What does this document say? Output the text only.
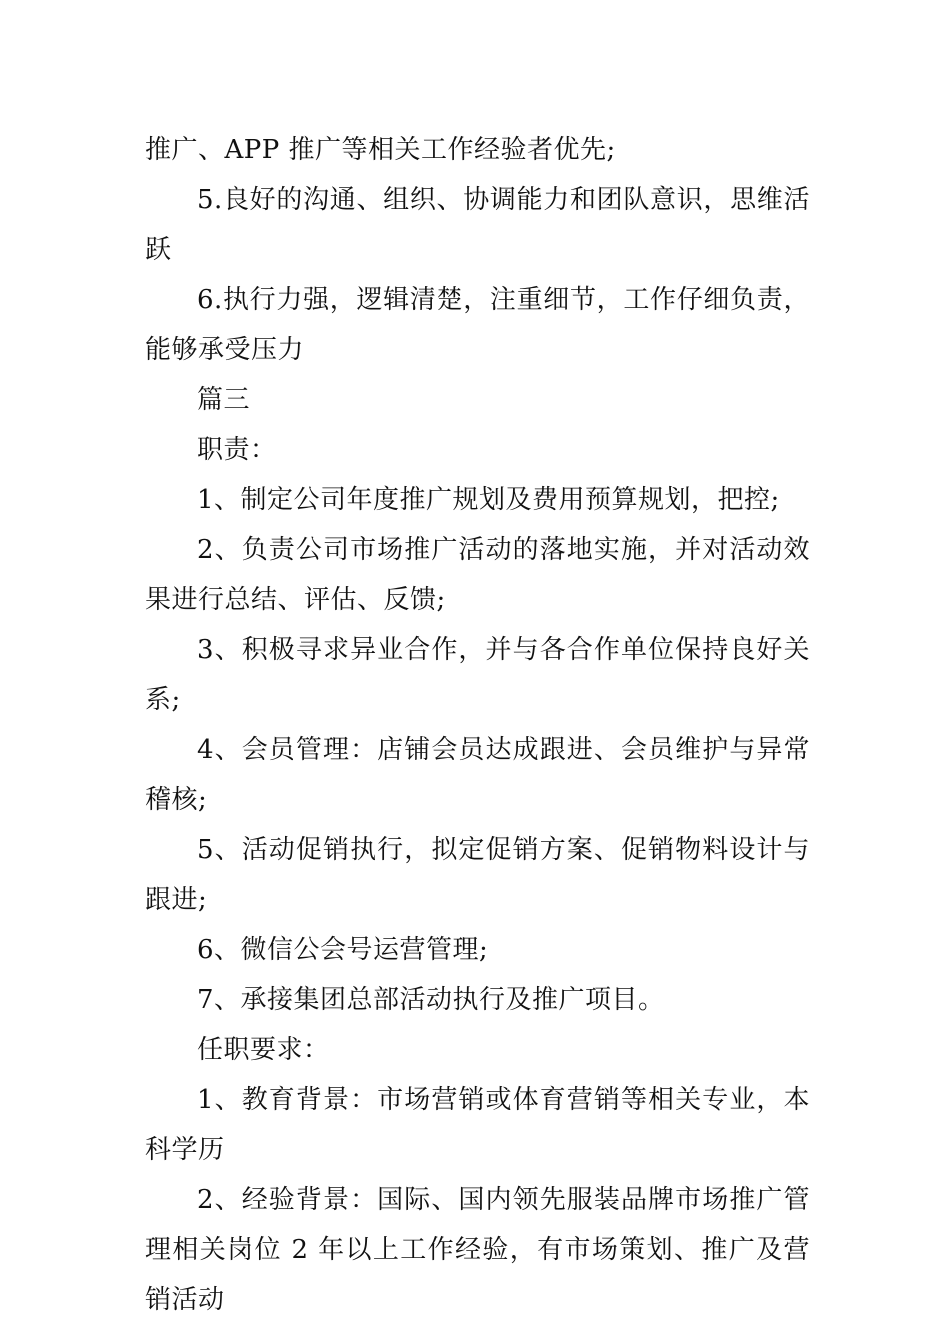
推广、APP 推广等相关工作经验者优先;

5.良好的沟通、组织、协调能力和团队意识，思维活跃

6.执行力强，逻辑清楚，注重细节，工作仔细负责，能够承受压力

篇三

职责：

1、制定公司年度推广规划及费用预算规划，把控;

2、负责公司市场推广活动的落地实施，并对活动效果进行总结、评估、反馈;

3、积极寻求异业合作，并与各合作单位保持良好关系;

4、会员管理：店铺会员达成跟进、会员维护与异常稽核;

5、活动促销执行，拟定促销方案、促销物料设计与跟进;

6、微信公会号运营管理;

7、承接集团总部活动执行及推广项目。

任职要求：

1、教育背景：市场营销或体育营销等相关专业，本科学历

2、经验背景：国际、国内领先服装品牌市场推广管理相关岗位 2 年以上工作经验，有市场策划、推广及营销活动
